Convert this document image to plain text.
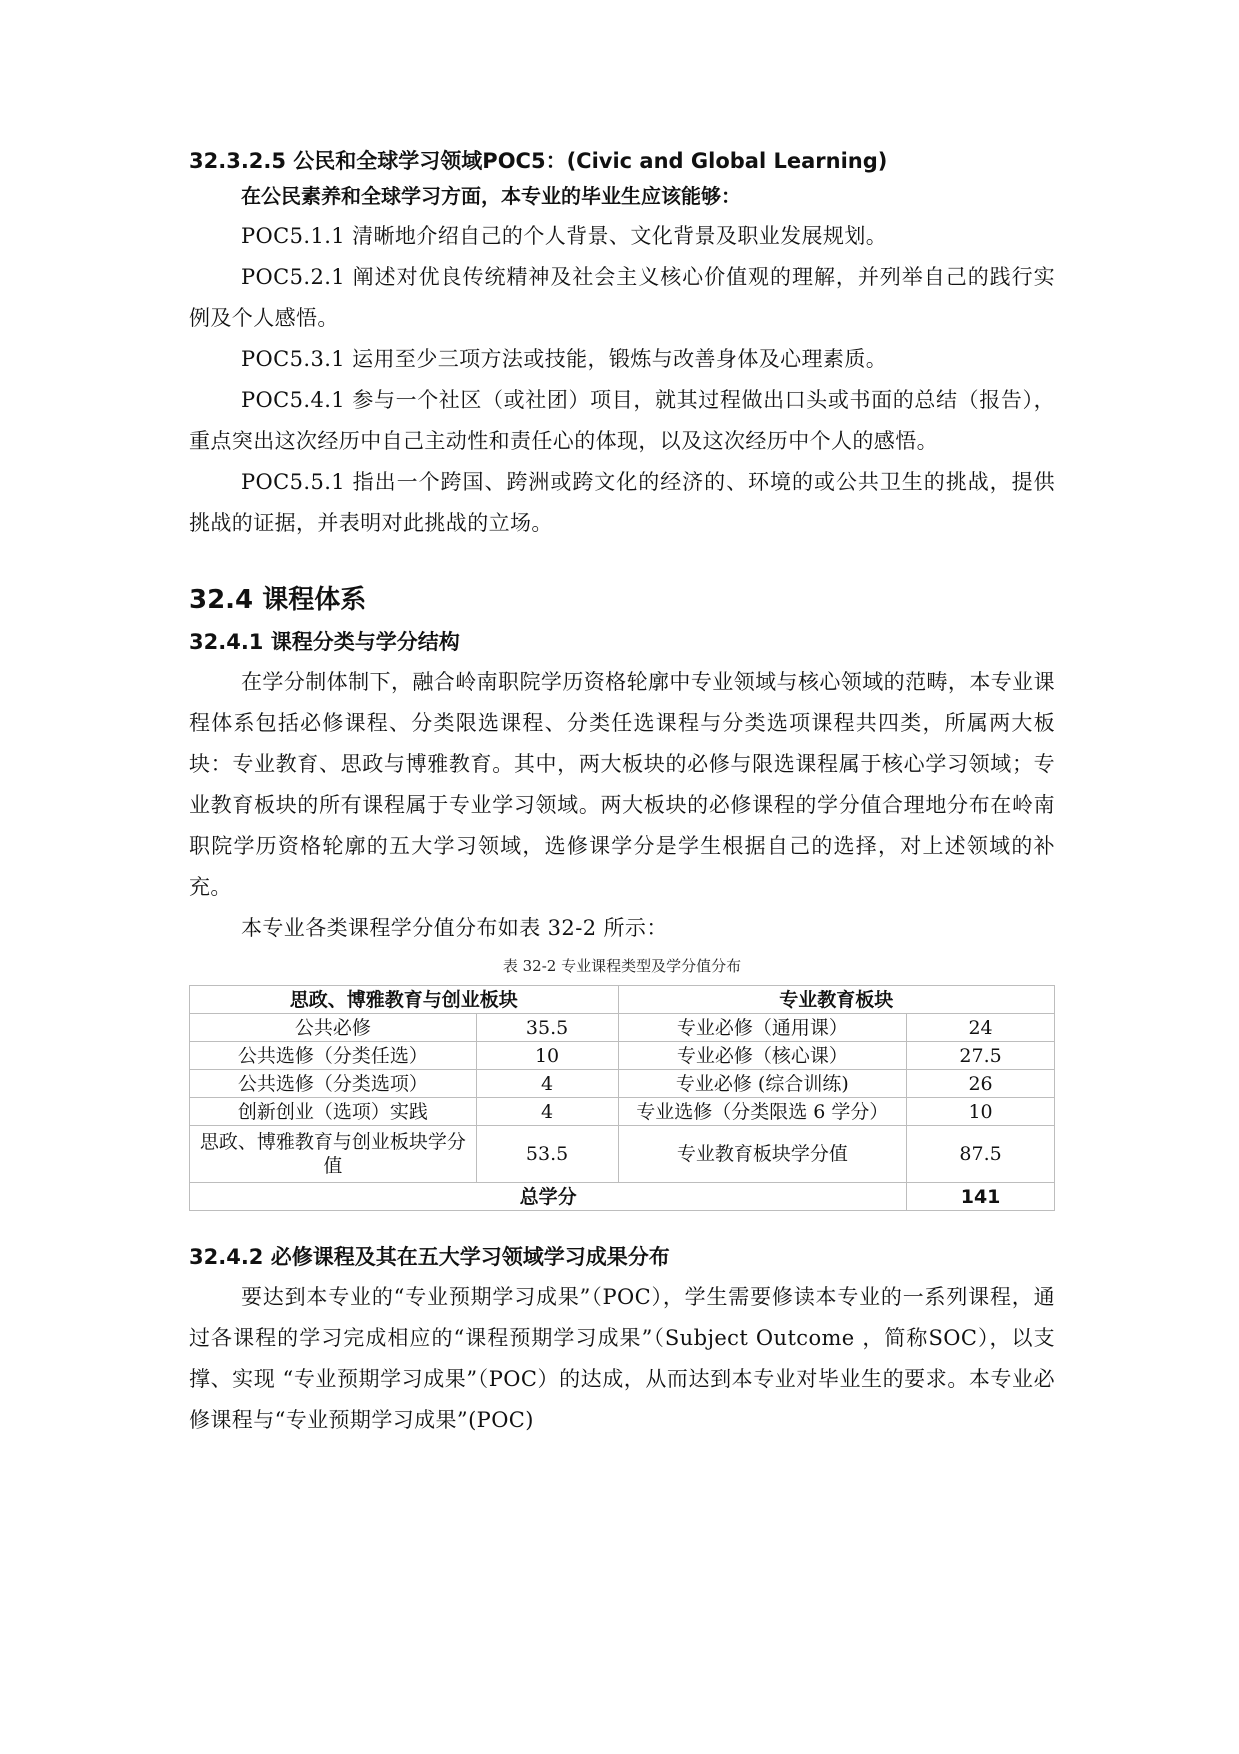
32.3.2.5 公民和全球学习领域POC5：(Civic and Global Learning)

在公民素养和全球学习方面，本专业的毕业生应该能够：

POC5.1.1 清晰地介绍自己的个人背景、文化背景及职业发展规划。

POC5.2.1 阐述对优良传统精神及社会主义核心价值观的理解，并列举自己的践行实例及个人感悟。

POC5.3.1 运用至少三项方法或技能，锻炼与改善身体及心理素质。

POC5.4.1 参与一个社区（或社团）项目，就其过程做出口头或书面的总结（报告），重点突出这次经历中自己主动性和责任心的体现，以及这次经历中个人的感悟。

POC5.5.1 指出一个跨国、跨洲或跨文化的经济的、环境的或公共卫生的挑战，提供挑战的证据，并表明对此挑战的立场。

32.4 课程体系

32.4.1 课程分类与学分结构

在学分制体制下，融合岭南职院学历资格轮廓中专业领域与核心领域的范畴，本专业课程体系包括必修课程、分类限选课程、分类任选课程与分类选项课程共四类，所属两大板块：专业教育、思政与博雅教育。其中，两大板块的必修与限选课程属于核心学习领域；专业教育板块的所有课程属于专业学习领域。两大板块的必修课程的学分值合理地分布在岭南职院学历资格轮廓的五大学习领域，选修课学分是学生根据自己的选择，对上述领域的补充。

本专业各类课程学分值分布如表 32-2 所示：

表 32-2 专业课程类型及学分值分布

思政、博雅教育与创业板块		专业教育板块	
公共必修	35.5	专业必修（通用课）	24
公共选修（分类任选）	10	专业必修（核心课）	27.5
公共选修（分类选项）	4	专业必修 (综合训练)	26
创新创业（选项）实践	4	专业选修（分类限选 6 学分）	10
思政、博雅教育与创业板块学分值	53.5	专业教育板块学分值	87.5
总学分			141

32.4.2 必修课程及其在五大学习领域学习成果分布

要达到本专业的“专业预期学习成果”（POC），学生需要修读本专业的一系列课程，通过各课程的学习完成相应的“课程预期学习成果”（Subject Outcome ，简称SOC），以支撑、实现 “专业预期学习成果”（POC）的达成，从而达到本专业对毕业生的要求。本专业必修课程与“专业预期学习成果”(POC)
